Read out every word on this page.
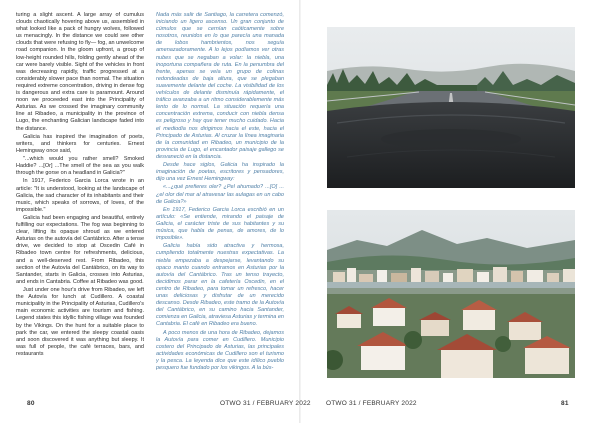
turing a slight ascent. A large array of cumulus clouds chaotically hovering above us, assembled in what looked like a pack of hungry wolves, followed us menacingly. In the distance we could see other clouds that were refusing to fly— fog, an unwelcome road companion. In the gloom upfront, a group of low-height rounded hills, folding gently ahead of the car were barely visible. Sight of the vehicles in front was decreasing rapidly, traffic progressed at a considerably slower pace than normal. The situation required extreme concentration, driving in dense fog is dangerous and extra care is paramount. Around noon we proceeded east into the Principality of Asturias. As we crossed the imaginary community line at Ribadeo, a municipality in the province of Lugo, the enchanting Galician landscape faded into the distance.

Galicia has inspired the imagination of poets, writers, and thinkers for centuries. Ernest Hemingway once said,

"...which would you rather smell? Smoked Haddie? ...[Or] ...The smell of the sea as you walk through the gorse on a headland in Galicia?"

In 1917, Federico Garcia Lorca wrote in an article: "It is understood, looking at the landscape of Galicia, the sad character of its inhabitants and their music, which speaks of sorrows, of loves, of the impossible."

Galicia had been engaging and beautiful, entirely fulfilling our expectations. The fog was beginning to clear, lifting its opaque shroud as we entered Asturias on the autovía del Cantábrico. After a tense drive, we decided to stop at Oscedin Café in Ribadeo town centre for refreshments, delicious, and a well-deserved rest. From Ribadeo, this section of the Autovía del Cantábrico, on its way to Santander, starts in Galicia, crosses into Asturias, and ends in Cantabria. Coffee at Ribadeo was good.

Just under one hour's drive from Ribadeo, we left the Autovía for lunch at Cudillero. A coastal municipality in the Principality of Asturias, Cudillero's main economic activities are tourism and fishing. Legend states this idyllic fishing village was founded by the Vikings. On the hunt for a suitable place to park the car, we entered the sleepy coastal oasis and soon discovered it was anything but sleepy. It was full of people, the café terraces, bars, and restaurants

Nada más salir de Santiago, la carretera comenzó, iniciando un ligero ascenso. Un gran conjunto de cúmulos que se cernían caóticamente sobre nosotros, reunidos en lo que parecía una manada de lobos hambrientos, nos seguía amenazadoramente. A lo lejos podíamos ver otras nubes que se negaban a volar: la niebla, una inoportuna compañera de ruta. En la penumbra del frente, apenas se veía un grupo de colinas redondeadas de baja altura, que se plegaban suavemente delante del coche. La visibilidad de los vehículos de delante disminuía rápidamente, el tráfico avanzaba a un ritmo considerablemente más lento de lo normal. La situación requería una concentración extrema, conducir con niebla densa es peligroso y hay que tener mucho cuidado. Hacia el mediodía nos dirigimos hacia el este, hacia el Principado de Asturias. Al cruzar la línea imaginaria de la comunidad en Ribadeo, un municipio de la provincia de Lugo, el encantador paisaje gallego se desvaneció en la distancia.

Desde hace siglos, Galicia ha inspirado la imaginación de poetas, escritores y pensadores, dijo una vez Ernest Hemingway:

«...¿qué prefieres oler? ¿Pel ahumado? ...[O] ...¿el olor del mar al atravesar las aulagas en un cabo de Galicia?»

En 1917, Federico Garcia Lorca escribió en un artículo: «Se entiende, mirando el paisaje de Galicia, el carácter triste de sus habitantes y su música, que habla de penas, de amores, de lo imposible».

Galicia había sido atractiva y hermosa, cumpliendo totalmente nuestras expectativas. La niebla empezaba a despejarse, levantando su opaco manto cuando entramos en Asturias por la autovía del Cantábrico. Tras un tenso trayecto, decidimos parar en la cafetería Oscedin, en el centro de Ribadeo, para tomar un refresco, hacer unas deliciosas y disfrutar de un merecido descanso. Desde Ribadeo, este tramo de la Autovía del Cantábrico, en su camino hacia Santander, comienza en Galicia, atraviesa Asturias y termina en Cantabria. El café en Ribadeo era bueno.

A poco menos de una hora de Ribadeo, dejamos la Autovía para comer en Cudillero. Municipio costero del Principado de Asturias, las principales actividades económicas de Cudillero son el turismo y la pesca. La leyenda dice que este idílico pueblo pesquero fue fundado por los vikingos. A la bús-

80	OTWO 31 / FEBRUARY 2022 OTWO 31 / FEBRUARY 2022	81
